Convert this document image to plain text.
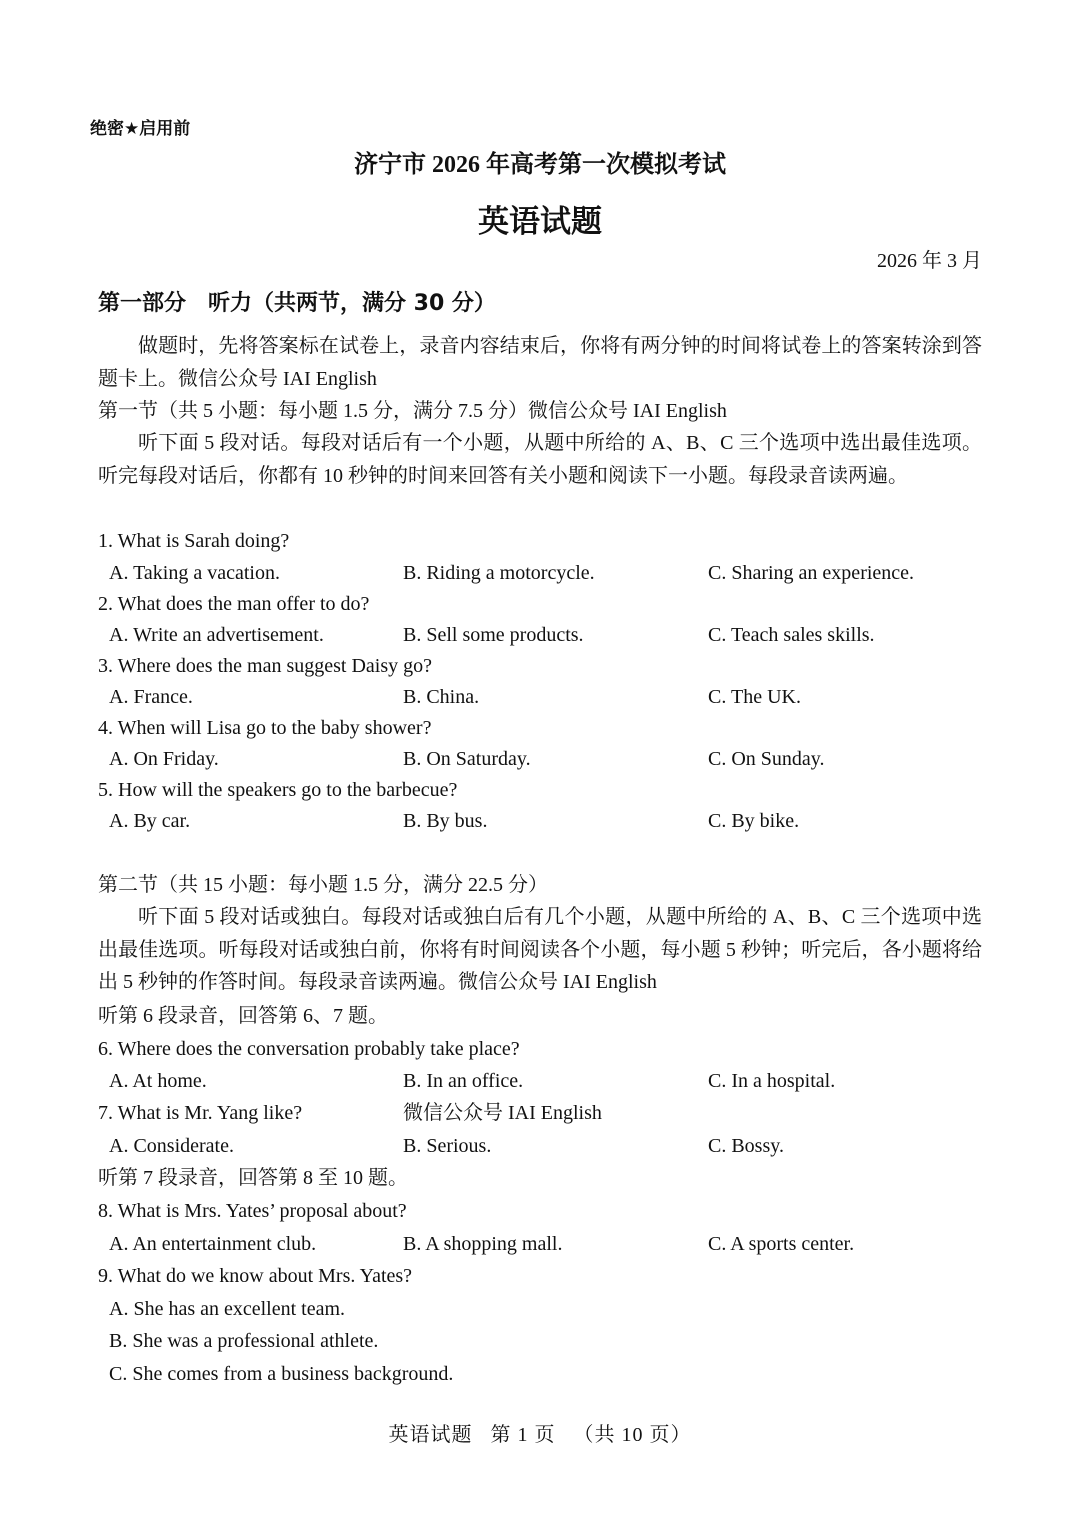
绝密★启用前
济宁市 2026 年高考第一次模拟考试
英语试题
2026 年 3 月
第一部分　听力（共两节，满分 30 分）
做题时，先将答案标在试卷上，录音内容结束后，你将有两分钟的时间将试卷上的答案转涂到答题卡上。微信公众号 IAI English
第一节（共 5 小题：每小题 1.5 分，满分 7.5 分）微信公众号 IAI English
听下面 5 段对话。每段对话后有一个小题，从题中所给的 A、B、C 三个选项中选出最佳选项。听完每段对话后，你都有 10 秒钟的时间来回答有关小题和阅读下一小题。每段录音读两遍。
1. What is Sarah doing?
A. Taking a vacation.	B. Riding a motorcycle.	C. Sharing an experience.
2. What does the man offer to do?
A. Write an advertisement.	B. Sell some products.	C. Teach sales skills.
3. Where does the man suggest Daisy go?
A. France.	B. China.	C. The UK.
4. When will Lisa go to the baby shower?
A. On Friday.	B. On Saturday.	C. On Sunday.
5. How will the speakers go to the barbecue?
A. By car.	B. By bus.	C. By bike.
第二节（共 15 小题：每小题 1.5 分，满分 22.5 分）
听下面 5 段对话或独白。每段对话或独白后有几个小题，从题中所给的 A、B、C 三个选项中选出最佳选项。听每段对话或独白前，你将有时间阅读各个小题，每小题 5 秒钟；听完后，各小题将给出 5 秒钟的作答时间。每段录音读两遍。微信公众号 IAI English
听第 6 段录音，回答第 6、7 题。
6. Where does the conversation probably take place?
A. At home.	B. In an office.	C. In a hospital.
7. What is Mr. Yang like?	微信公众号 IAI English
A. Considerate.	B. Serious.	C. Bossy.
听第 7 段录音，回答第 8 至 10 题。
8. What is Mrs. Yates’ proposal about?
A. An entertainment club.	B. A shopping mall.	C. A sports center.
9. What do we know about Mrs. Yates?
A. She has an excellent team.
B. She was a professional athlete.
C. She comes from a business background.
英语试题 第 1 页 （共 10 页）
